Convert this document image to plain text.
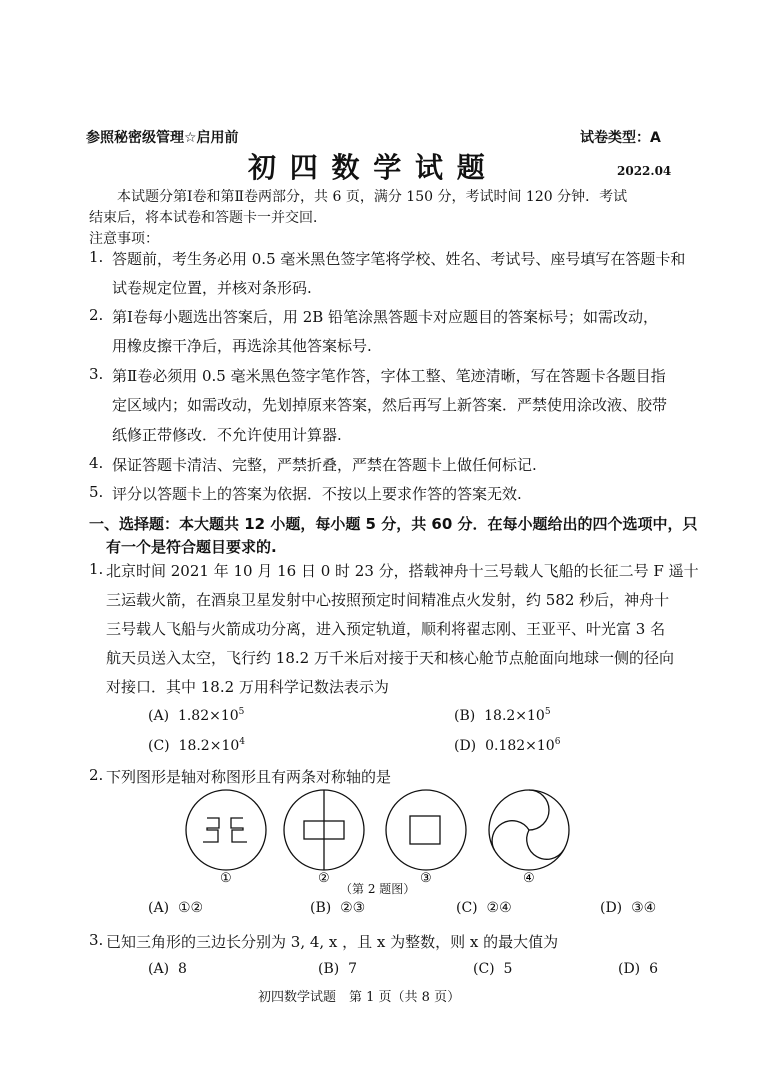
参照秘密级管理☆启用前	试卷类型：A
初 四 数 学 试 题	2022.04
本试题分第Ⅰ卷和第Ⅱ卷两部分，共 6 页，满分 150 分，考试时间 120 分钟．考试
结束后，将本试卷和答题卡一并交回．
注意事项：
1. 答题前，考生务必用 0.5 毫米黑色签字笔将学校、姓名、考试号、座号填写在答题卡和
试卷规定位置，并核对条形码.
2. 第Ⅰ卷每小题选出答案后，用 2B 铅笔涂黑答题卡对应题目的答案标号；如需改动，
用橡皮擦干净后，再选涂其他答案标号.
3. 第Ⅱ卷必须用 0.5 毫米黑色签字笔作答，字体工整、笔迹清晰，写在答题卡各题目指
定区域内；如需改动，先划掉原来答案，然后再写上新答案．严禁使用涂改液、胶带
纸修正带修改．不允许使用计算器.
4. 保证答题卡清洁、完整，严禁折叠，严禁在答题卡上做任何标记.
5. 评分以答题卡上的答案为依据．不按以上要求作答的答案无效.
一、选择题：本大题共 12 小题，每小题 5 分，共 60 分．在每小题给出的四个选项中，只
有一个是符合题目要求的.
1. 北京时间 2021 年 10 月 16 日 0 时 23 分，搭载神舟十三号载人飞船的长征二号 F 遥十
三运载火箭，在酒泉卫星发射中心按照预定时间精准点火发射，约 582 秒后，神舟十
三号载人飞船与火箭成功分离，进入预定轨道，顺利将翟志刚、王亚平、叶光富 3 名
航天员送入太空，飞行约 18.2 万千米后对接于天和核心舱节点舱面向地球一侧的径向
对接口．其中 18.2 万用科学记数法表示为
(A) $1.82\times 10^5$	(B) $18.2\times 10^5$
(C) $18.2\times 10^4$	(D) $0.182\times 10^6$
2. 下列图形是轴对称图形且有两条对称轴的是
①	②	③	④
（第 2 题图）
(A) ①②	(B) ②③	(C) ②④	(D) ③④
3. 已知三角形的三边长分别为 3, 4, x ，且 x 为整数，则 x 的最大值为
(A) 8	(B) 7	(C) 5	(D) 6
初四数学试题　第 1 页（共 8 页）
